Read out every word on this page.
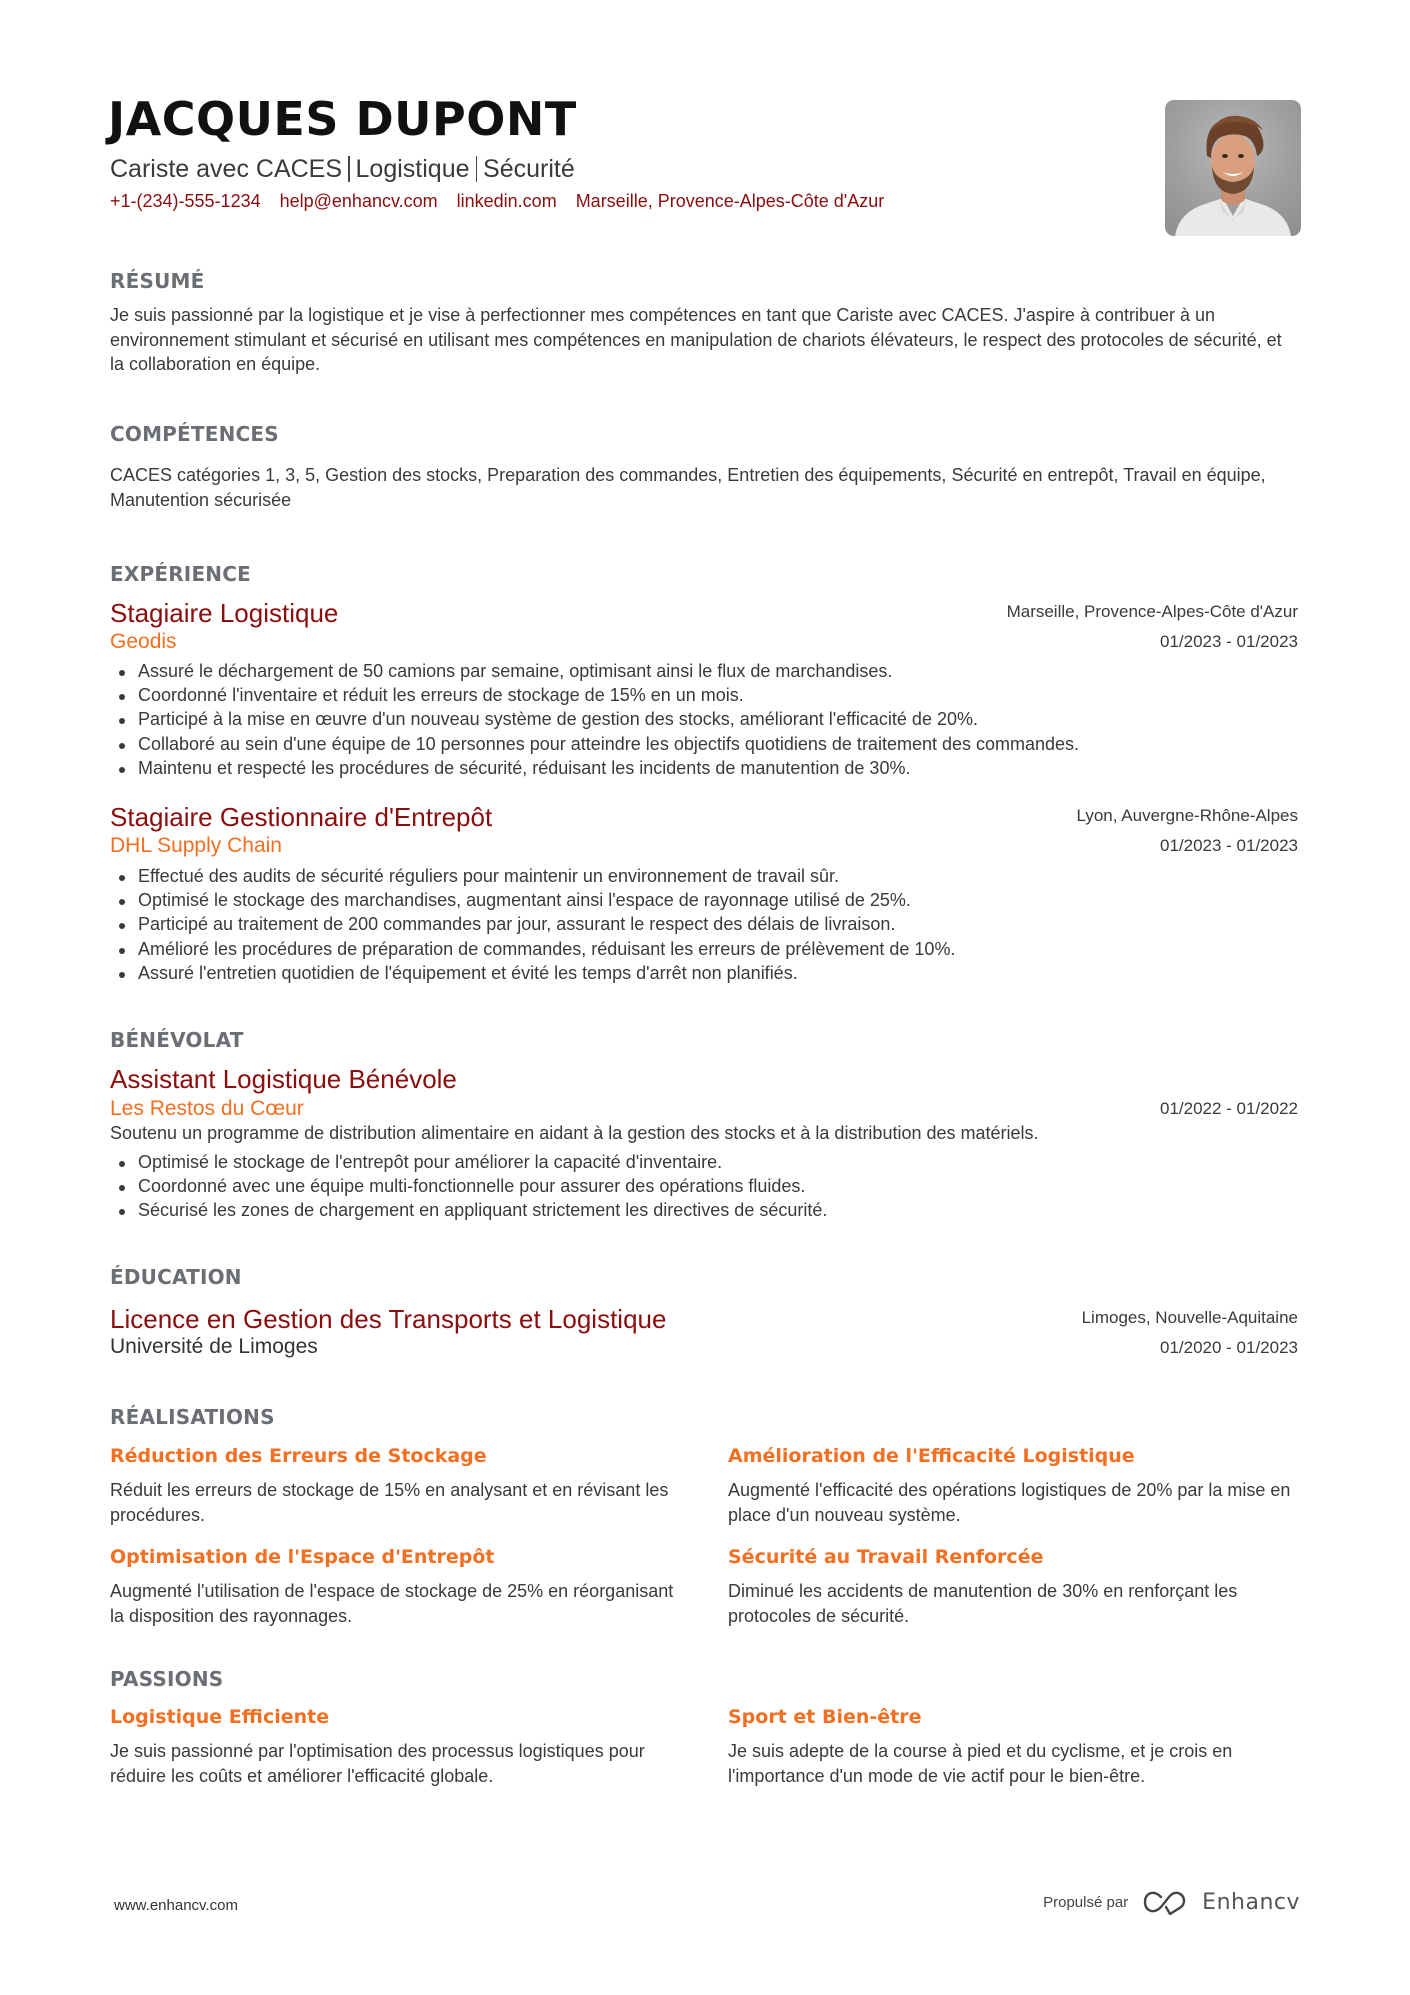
JACQUES DUPONT
Cariste avec CACES Logistique Sécurité
+1-(234)-555-1234 help@enhancv.com linkedin.com Marseille, Provence-Alpes-Côte d'Azur
RÉSUMÉ
Je suis passionné par la logistique et je vise à perfectionner mes compétences en tant que Cariste avec CACES. J'aspire à contribuer à un environnement stimulant et sécurisé en utilisant mes compétences en manipulation de chariots élévateurs, le respect des protocoles de sécurité, et la collaboration en équipe.
COMPÉTENCES
CACES catégories 1, 3, 5, Gestion des stocks, Preparation des commandes, Entretien des équipements, Sécurité en entrepôt, Travail en équipe, Manutention sécurisée
EXPÉRIENCE
Stagiaire Logistique	Marseille, Provence-Alpes-Côte d'Azur
Geodis	01/2023 - 01/2023
Assuré le déchargement de 50 camions par semaine, optimisant ainsi le flux de marchandises.
Coordonné l'inventaire et réduit les erreurs de stockage de 15% en un mois.
Participé à la mise en œuvre d'un nouveau système de gestion des stocks, améliorant l'efficacité de 20%.
Collaboré au sein d'une équipe de 10 personnes pour atteindre les objectifs quotidiens de traitement des commandes.
Maintenu et respecté les procédures de sécurité, réduisant les incidents de manutention de 30%.
Stagiaire Gestionnaire d'Entrepôt	Lyon, Auvergne-Rhône-Alpes
DHL Supply Chain	01/2023 - 01/2023
Effectué des audits de sécurité réguliers pour maintenir un environnement de travail sûr.
Optimisé le stockage des marchandises, augmentant ainsi l'espace de rayonnage utilisé de 25%.
Participé au traitement de 200 commandes par jour, assurant le respect des délais de livraison.
Amélioré les procédures de préparation de commandes, réduisant les erreurs de prélèvement de 10%.
Assuré l'entretien quotidien de l'équipement et évité les temps d'arrêt non planifiés.
BÉNÉVOLAT
Assistant Logistique Bénévole
Les Restos du Cœur	01/2022 - 01/2022
Soutenu un programme de distribution alimentaire en aidant à la gestion des stocks et à la distribution des matériels.
Optimisé le stockage de l'entrepôt pour améliorer la capacité d'inventaire.
Coordonné avec une équipe multi-fonctionnelle pour assurer des opérations fluides.
Sécurisé les zones de chargement en appliquant strictement les directives de sécurité.
ÉDUCATION
Licence en Gestion des Transports et Logistique	Limoges, Nouvelle-Aquitaine
Université de Limoges	01/2020 - 01/2023
RÉALISATIONS
Réduction des Erreurs de Stockage
Réduit les erreurs de stockage de 15% en analysant et en révisant les procédures.
Amélioration de l'Efficacité Logistique
Augmenté l'efficacité des opérations logistiques de 20% par la mise en place d'un nouveau système.
Optimisation de l'Espace d'Entrepôt
Augmenté l'utilisation de l'espace de stockage de 25% en réorganisant la disposition des rayonnages.
Sécurité au Travail Renforcée
Diminué les accidents de manutention de 30% en renforçant les protocoles de sécurité.
PASSIONS
Logistique Efficiente
Je suis passionné par l'optimisation des processus logistiques pour réduire les coûts et améliorer l'efficacité globale.
Sport et Bien-être
Je suis adepte de la course à pied et du cyclisme, et je crois en l'importance d'un mode de vie actif pour le bien-être.
www.enhancv.com	Propulsé par	Enhancv
